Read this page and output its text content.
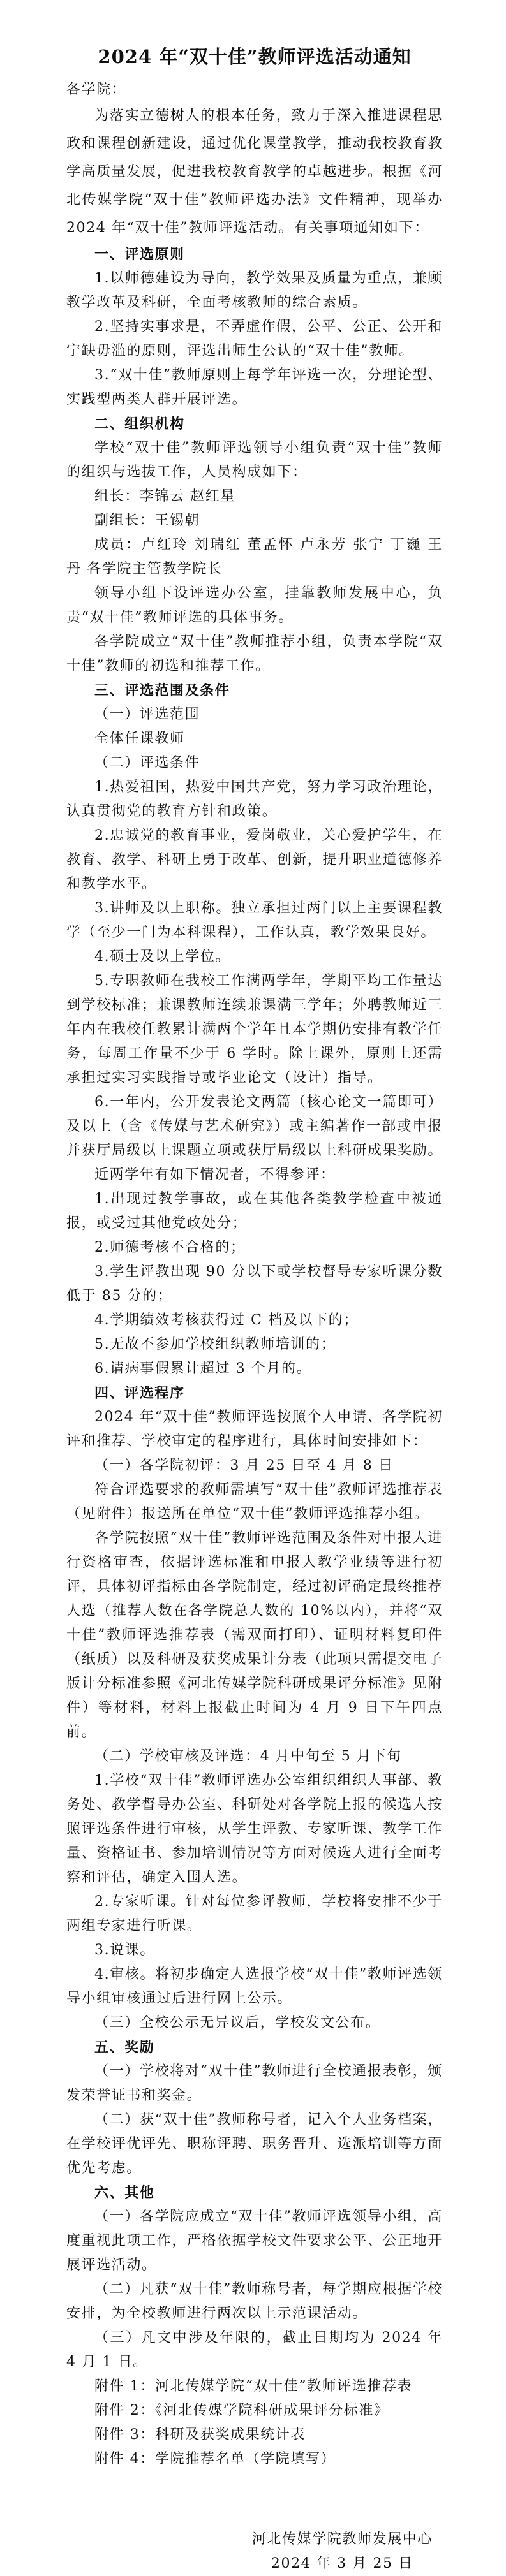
2024 年“双十佳”教师评选活动通知

各学院：

为落实立德树人的根本任务，致力于深入推进课程思政和课程创新建设，通过优化课堂教学，推动我校教育教学高质量发展，促进我校教育教学的卓越进步。根据《河北传媒学院“双十佳”教师评选办法》文件精神，现举办 2024 年“双十佳”教师评选活动。有关事项通知如下：

一、评选原则

1.以师德建设为导向，教学效果及质量为重点，兼顾教学改革及科研，全面考核教师的综合素质。

2.坚持实事求是，不弄虚作假，公平、公正、公开和宁缺毋滥的原则，评选出师生公认的“双十佳”教师。

3.“双十佳”教师原则上每学年评选一次，分理论型、实践型两类人群开展评选。

二、组织机构

学校“双十佳”教师评选领导小组负责“双十佳”教师的组织与选拔工作，人员构成如下：

组长：李锦云 赵红星

副组长：王锡朝

成员：卢红玲 刘瑞红 董孟怀 卢永芳 张宁 丁巍 王丹 各学院主管教学院长

领导小组下设评选办公室，挂靠教师发展中心，负责“双十佳”教师评选的具体事务。

各学院成立“双十佳”教师推荐小组，负责本学院“双十佳”教师的初选和推荐工作。

三、评选范围及条件

（一）评选范围

全体任课教师

（二）评选条件

1.热爱祖国，热爱中国共产党，努力学习政治理论，认真贯彻党的教育方针和政策。

2.忠诚党的教育事业，爱岗敬业，关心爱护学生，在教育、教学、科研上勇于改革、创新，提升职业道德修养和教学水平。

3.讲师及以上职称。独立承担过两门以上主要课程教学（至少一门为本科课程），工作认真，教学效果良好。

4.硕士及以上学位。

5.专职教师在我校工作满两学年，学期平均工作量达到学校标准；兼课教师连续兼课满三学年；外聘教师近三年内在我校任教累计满两个学年且本学期仍安排有教学任务，每周工作量不少于 6 学时。除上课外，原则上还需承担过实习实践指导或毕业论文（设计）指导。

6.一年内，公开发表论文两篇（核心论文一篇即可）及以上（含《传媒与艺术研究》）或主编著作一部或申报并获厅局级以上课题立项或获厅局级以上科研成果奖励。

近两学年有如下情况者，不得参评：

1.出现过教学事故，或在其他各类教学检查中被通报，或受过其他党政处分；

2.师德考核不合格的；

3.学生评教出现 90 分以下或学校督导专家听课分数低于 85 分的；

4.学期绩效考核获得过 C 档及以下的；

5.无故不参加学校组织教师培训的；

6.请病事假累计超过 3 个月的。

四、评选程序

2024 年“双十佳”教师评选按照个人申请、各学院初评和推荐、学校审定的程序进行，具体时间安排如下：

（一）各学院初评：3 月 25 日至 4 月 8 日

符合评选要求的教师需填写“双十佳”教师评选推荐表（见附件）报送所在单位“双十佳”教师评选推荐小组。

各学院按照“双十佳”教师评选范围及条件对申报人进行资格审查，依据评选标准和申报人教学业绩等进行初评，具体初评指标由各学院制定，经过初评确定最终推荐人选（推荐人数在各学院总人数的 10%以内），并将“双十佳”教师评选推荐表（需双面打印）、证明材料复印件（纸质）以及科研及获奖成果计分表（此项只需提交电子版计分标准参照《河北传媒学院科研成果评分标准》见附件）等材料，材料上报截止时间为 4 月 9 日下午四点前。

（二）学校审核及评选：4 月中旬至 5 月下旬

1.学校“双十佳”教师评选办公室组织组织人事部、教务处、教学督导办公室、科研处对各学院上报的候选人按照评选条件进行审核，从学生评教、专家听课、教学工作量、资格证书、参加培训情况等方面对候选人进行全面考察和评估，确定入围人选。

2.专家听课。针对每位参评教师，学校将安排不少于两组专家进行听课。

3.说课。

4.审核。将初步确定人选报学校“双十佳”教师评选领导小组审核通过后进行网上公示。

（三）全校公示无异议后，学校发文公布。

五、奖励

（一）学校将对“双十佳”教师进行全校通报表彰，颁发荣誉证书和奖金。

（二）获“双十佳”教师称号者，记入个人业务档案，在学校评优评先、职称评聘、职务晋升、选派培训等方面优先考虑。

六、其他

（一）各学院应成立“双十佳”教师评选领导小组，高度重视此项工作，严格依据学校文件要求公平、公正地开展评选活动。

（二）凡获“双十佳”教师称号者，每学期应根据学校安排，为全校教师进行两次以上示范课活动。

（三）凡文中涉及年限的，截止日期均为 2024 年 4 月 1 日。

附件 1：河北传媒学院“双十佳”教师评选推荐表

附件 2：《河北传媒学院科研成果评分标准》

附件 3：科研及获奖成果统计表

附件 4：学院推荐名单（学院填写）

河北传媒学院教师发展中心

2024 年 3 月 25 日
